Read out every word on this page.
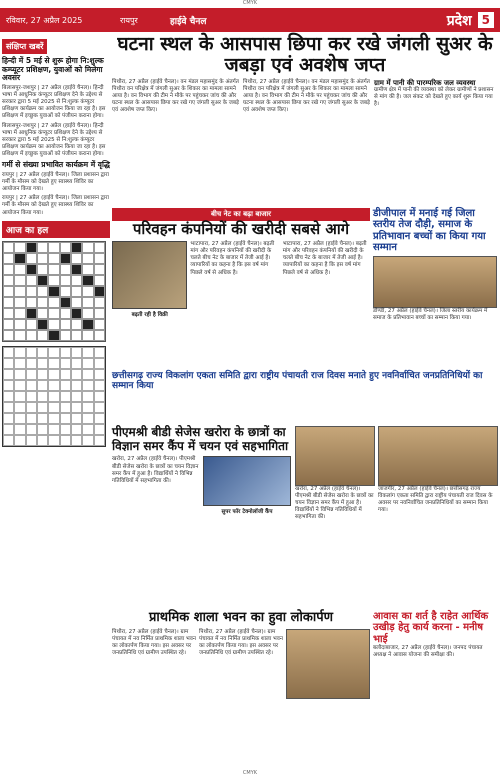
CMYK
रविवार, 27 अप्रैल 2025	रायपुर	हाईवे चैनल	प्रदेश 5
संक्षिप्त खबरें
हिन्दी में 5 मई से शुरू होगा नि:शुल्क कम्प्यूटर प्रशिक्षण, युवाओं को मिलेगा अवसर
बिलासपुर-जशपुर | 27 अप्रैल (हाईवे चैनल)। हिन्दी भाषा में आधुनिक कंप्यूटर प्रशिक्षण देने के उद्देश्य से सरकार द्वारा 5 मई 2025 से नि:शुल्क कंप्यूटर प्रशिक्षण कार्यक्रम का आयोजन किया जा रहा है। इस प्रशिक्षण में इच्छुक युवाओं को पंजीयन कराना होगा।
बिलासपुर-जशपुर | 27 अप्रैल (हाईवे चैनल)। हिन्दी भाषा में आधुनिक कंप्यूटर प्रशिक्षण देने के उद्देश्य से सरकार द्वारा 5 मई 2025 से नि:शुल्क कंप्यूटर प्रशिक्षण कार्यक्रम का आयोजन किया जा रहा है। इस प्रशिक्षण में इच्छुक युवाओं को पंजीयन कराना होगा।
गर्मी से संख्या प्रभावित कार्यक्रम में वृद्धि
रायपुर | 27 अप्रैल (हाईवे चैनल)। जिला प्रशासन द्वारा गर्मी के मौसम को देखते हुए स्वास्थ्य शिविर का आयोजन किया गया।
रायपुर | 27 अप्रैल (हाईवे चैनल)। जिला प्रशासन द्वारा गर्मी के मौसम को देखते हुए स्वास्थ्य शिविर का आयोजन किया गया।
आज का हल
घटना स्थल के आसपास छिपा कर रखे जंगली सुअर के जबड़ा एवं अवशेष जप्त
पिथौरा, 27 अप्रैल (हाईवे चैनल)। वन मंडल महासमुंद के अंतर्गत पिथौरा वन परिक्षेत्र में जंगली सुअर के शिकार का मामला सामने आया है। वन विभाग की टीम ने मौके पर पहुंचकर जांच की और घटना स्थल के आसपास छिपा कर रखे गए जंगली सुअर के जबड़े एवं अवशेष जप्त किए।
पिथौरा, 27 अप्रैल (हाईवे चैनल)। वन मंडल महासमुंद के अंतर्गत पिथौरा वन परिक्षेत्र में जंगली सुअर के शिकार का मामला सामने आया है। वन विभाग की टीम ने मौके पर पहुंचकर जांच की और घटना स्थल के आसपास छिपा कर रखे गए जंगली सुअर के जबड़े एवं अवशेष जप्त किए।
ग्राम में पानी की पारम्परिक जल व्यवस्था
ग्रामीण क्षेत्र में पानी की व्यवस्था को लेकर ग्रामीणों ने प्रशासन से मांग की है। जल संकट को देखते हुए कार्य शुरू किया गया है।
बीच नेट का बढ़ा बाजार
परिवहन कंपनियों की खरीदी सबसे आगे
बढ़ती रही है विक्री
भाटापारा, 27 अप्रैल (हाईवे चैनल)। बढ़ती मांग और परिवहन कंपनियों की खरीदी के चलते बीच नेट के बाजार में तेजी आई है। व्यापारियों का कहना है कि इस वर्ष मांग पिछले वर्ष से अधिक है।
भाटापारा, 27 अप्रैल (हाईवे चैनल)। बढ़ती मांग और परिवहन कंपनियों की खरीदी के चलते बीच नेट के बाजार में तेजी आई है। व्यापारियों का कहना है कि इस वर्ष मांग पिछले वर्ष से अधिक है।
डीजीपाल में मनाई गई जिला स्तरीय तेज दौड़ी, समाज के प्रतिभावान बच्चों का किया गया सम्मान
डौण्डी, 27 अप्रैल (हाईवे चैनल)। जिला स्तरीय कार्यक्रम में समाज के प्रतिभावान बच्चों का सम्मान किया गया।
छत्तीसगढ़ राज्य विकलांग एकता समिति द्वारा राष्ट्रीय पंचायती राज दिवस मनाते हुए नवनिर्वाचित जनप्रतिनिधियों का सम्मान किया
पीएमश्री बीडी सेजेस खरोरा के छात्रों का विज्ञान समर कैंप में चयन एवं सहभागिता
खरोरा, 27 अप्रैल (हाईवे चैनल)। पीएमश्री बीडी सेजेस खरोरा के छात्रों का चयन विज्ञान समर कैंप में हुआ है। विद्यार्थियों ने विभिन्न गतिविधियों में सहभागिता की।
सुपर फॉर टेक्नोलॉजी कैंप
खरोरा, 27 अप्रैल (हाईवे चैनल)। पीएमश्री बीडी सेजेस खरोरा के छात्रों का चयन विज्ञान समर कैंप में हुआ है। विद्यार्थियों ने विभिन्न गतिविधियों में सहभागिता की।
जांजगीर, 27 अप्रैल (हाईवे चैनल)। छत्तीसगढ़ राज्य विकलांग एकता समिति द्वारा राष्ट्रीय पंचायती राज दिवस के अवसर पर नवनिर्वाचित जनप्रतिनिधियों का सम्मान किया गया।
प्राथमिक शाला भवन का हुवा लोकार्पण
पिथौरा, 27 अप्रैल (हाईवे चैनल)। ग्राम पंचायत में नव निर्मित प्राथमिक शाला भवन का लोकार्पण किया गया। इस अवसर पर जनप्रतिनिधि एवं ग्रामीण उपस्थित रहे।
पिथौरा, 27 अप्रैल (हाईवे चैनल)। ग्राम पंचायत में नव निर्मित प्राथमिक शाला भवन का लोकार्पण किया गया। इस अवसर पर जनप्रतिनिधि एवं ग्रामीण उपस्थित रहे।
आवास का शर्त है राहेत आर्थिक उखीड़ हेतु कार्य करना - मनीष भाई
बलौदाबाजार, 27 अप्रैल (हाईवे चैनल)। जनपद पंचायत अध्यक्ष ने आवास योजना की समीक्षा की।
CMYK
